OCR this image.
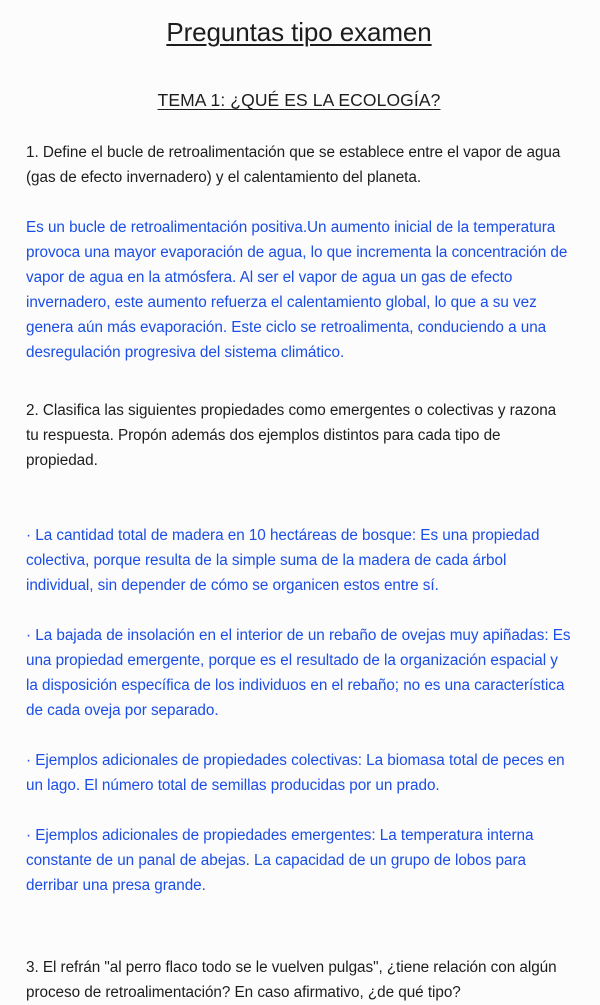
Preguntas tipo examen
TEMA 1: ¿QUÉ ES LA ECOLOGÍA?

1. Define el bucle de retroalimentación que se establece entre el vapor de agua (gas de efecto invernadero) y el calentamiento del planeta.

Es un bucle de retroalimentación positiva.Un aumento inicial de la temperatura provoca una mayor evaporación de agua, lo que incrementa la concentración de vapor de agua en la atmósfera. Al ser el vapor de agua un gas de efecto invernadero, este aumento refuerza el calentamiento global, lo que a su vez genera aún más evaporación. Este ciclo se retroalimenta, conduciendo a una desregulación progresiva del sistema climático.

2. Clasifica las siguientes propiedades como emergentes o colectivas y razona tu respuesta. Propón además dos ejemplos distintos para cada tipo de propiedad.

· La cantidad total de madera en 10 hectáreas de bosque: Es una propiedad colectiva, porque resulta de la simple suma de la madera de cada árbol individual, sin depender de cómo se organicen estos entre sí.

· La bajada de insolación en el interior de un rebaño de ovejas muy apiñadas: Es una propiedad emergente, porque es el resultado de la organización espacial y la disposición específica de los individuos en el rebaño; no es una característica de cada oveja por separado.

· Ejemplos adicionales de propiedades colectivas: La biomasa total de peces en un lago. El número total de semillas producidas por un prado.

· Ejemplos adicionales de propiedades emergentes: La temperatura interna constante de un panal de abejas. La capacidad de un grupo de lobos para derribar una presa grande.

3. El refrán "al perro flaco todo se le vuelven pulgas", ¿tiene relación con algún proceso de retroalimentación? En caso afirmativo, ¿de qué tipo?
